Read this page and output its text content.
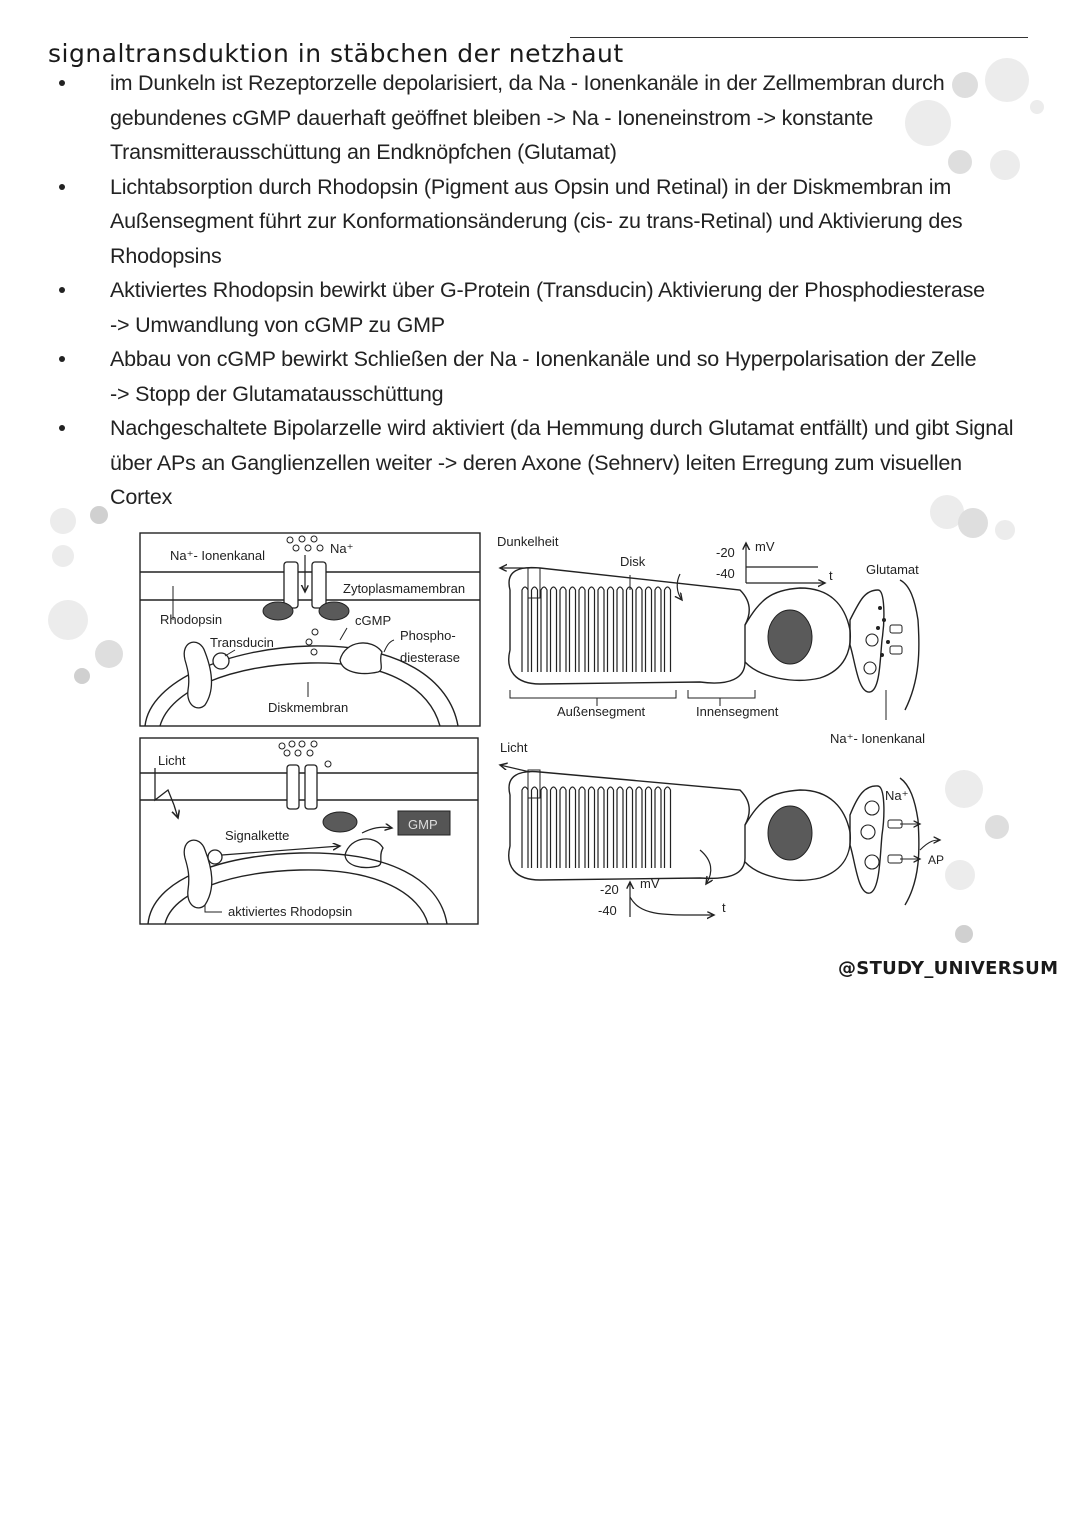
signaltransduktion in stäbchen der netzhaut
im Dunkeln ist Rezeptorzelle depolarisiert, da Na - Ionenkanäle in der Zellmembran durch
gebundenes cGMP dauerhaft geöffnet bleiben -> Na - Ioneneinstrom -> konstante
Transmitterausschüttung an Endknöpfchen (Glutamat)
Lichtabsorption durch Rhodopsin (Pigment aus Opsin und Retinal) in der Diskmembran im
Außensegment führt zur Konformationsänderung (cis- zu trans-Retinal) und Aktivierung des
Rhodopsins
Aktiviertes Rhodopsin bewirkt über G-Protein (Transducin) Aktivierung der Phosphodiesterase
-> Umwandlung von cGMP zu GMP
Abbau von cGMP bewirkt Schließen der Na - Ionenkanäle und so Hyperpolarisation der Zelle
-> Stopp der Glutamatausschüttung
Nachgeschaltete Bipolarzelle wird aktiviert (da Hemmung durch Glutamat entfällt) und gibt Signal
über APs an Ganglienzellen weiter -> deren Axone (Sehnerv) leiten Erregung zum visuellen Cortex
Na⁺- Ionenkanal	Na⁺
Zytoplasmamembran
Rhodopsin	cGMP
Transducin	Phospho-
diesterase
Diskmembran
GMP
Licht
Signalkette
aktiviertes Rhodopsin
Dunkelheit
Disk
-20
-40
mV
t	Glutamat
Außensegment	Innensegment
Na⁺- Ionenkanal
Licht
Na⁺
AP
-20
-40
mV
t
@STUDY_UNIVERSUM
